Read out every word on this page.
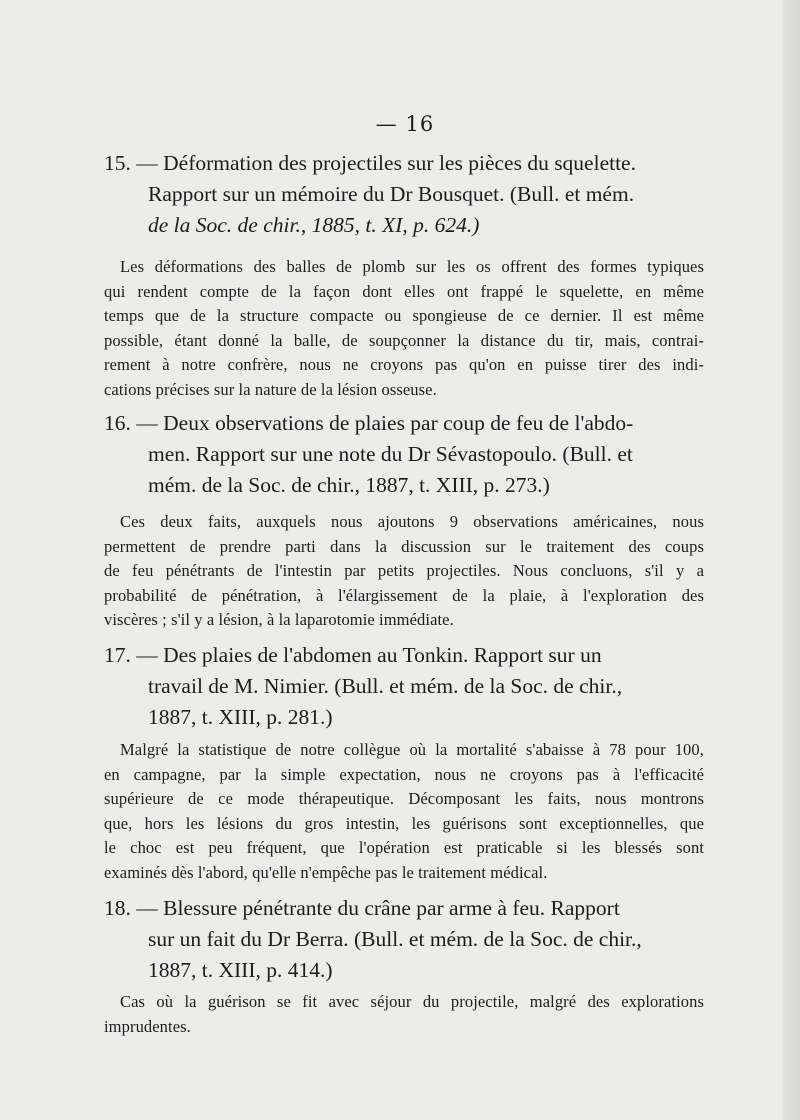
— 16
15. — Déformation des projectiles sur les pièces du squelette.
Rapport sur un mémoire du Dr Bousquet. (Bull. et mém.
de la Soc. de chir., 1885, t. XI, p. 624.)
Les déformations des balles de plomb sur les os offrent des formes typiques
qui rendent compte de la façon dont elles ont frappé le squelette, en même
temps que de la structure compacte ou spongieuse de ce dernier. Il est même
possible, étant donné la balle, de soupçonner la distance du tir, mais, contrai-
rement à notre confrère, nous ne croyons pas qu'on en puisse tirer des indi-
cations précises sur la nature de la lésion osseuse.
16. — Deux observations de plaies par coup de feu de l'abdo-
men. Rapport sur une note du Dr Sévastopoulo. (Bull. et
mém. de la Soc. de chir., 1887, t. XIII, p. 273.)
Ces deux faits, auxquels nous ajoutons 9 observations américaines, nous
permettent de prendre parti dans la discussion sur le traitement des coups
de feu pénétrants de l'intestin par petits projectiles. Nous concluons, s'il y a
probabilité de pénétration, à l'élargissement de la plaie, à l'exploration des
viscères ; s'il y a lésion, à la laparotomie immédiate.
17. — Des plaies de l'abdomen au Tonkin. Rapport sur un
travail de M. Nimier. (Bull. et mém. de la Soc. de chir.,
1887, t. XIII, p. 281.)
Malgré la statistique de notre collègue où la mortalité s'abaisse à 78 pour 100,
en campagne, par la simple expectation, nous ne croyons pas à l'efficacité
supérieure de ce mode thérapeutique. Décomposant les faits, nous montrons
que, hors les lésions du gros intestin, les guérisons sont exceptionnelles, que
le choc est peu fréquent, que l'opération est praticable si les blessés sont
examinés dès l'abord, qu'elle n'empêche pas le traitement médical.
18. — Blessure pénétrante du crâne par arme à feu. Rapport
sur un fait du Dr Berra. (Bull. et mém. de la Soc. de chir.,
1887, t. XIII, p. 414.)
Cas où la guérison se fit avec séjour du projectile, malgré des explorations
imprudentes.
